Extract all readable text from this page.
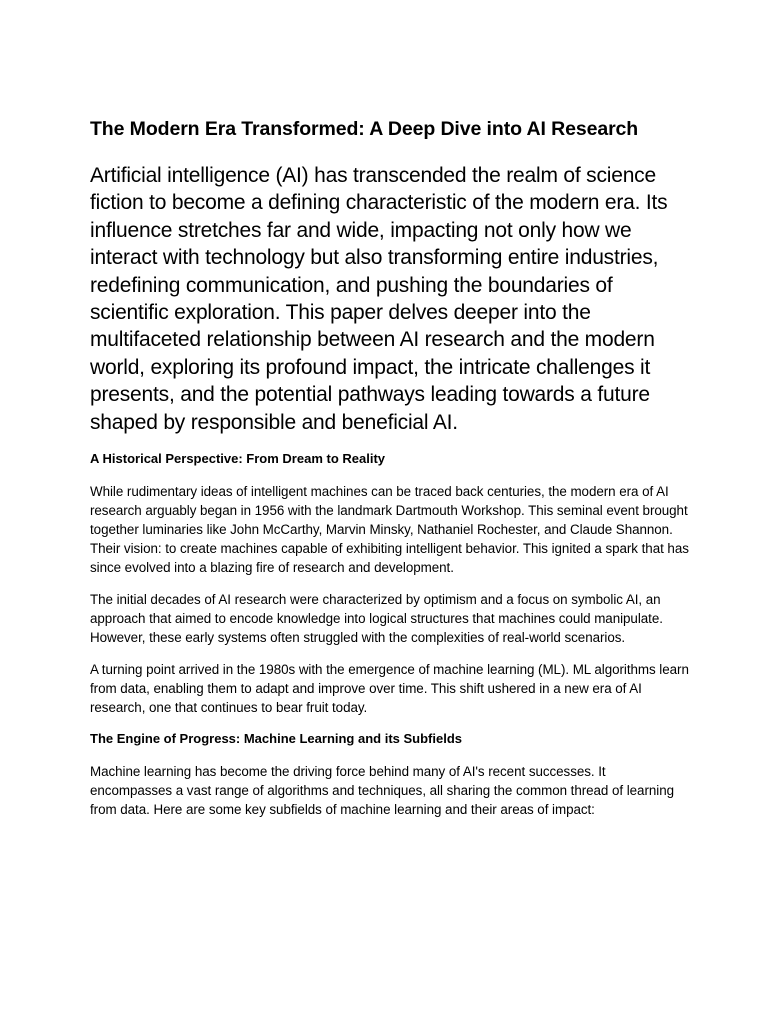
The Modern Era Transformed: A Deep Dive into AI Research

Artificial intelligence (AI) has transcended the realm of science fiction to become a defining characteristic of the modern era. Its influence stretches far and wide, impacting not only how we interact with technology but also transforming entire industries, redefining communication, and pushing the boundaries of scientific exploration. This paper delves deeper into the multifaceted relationship between AI research and the modern world, exploring its profound impact, the intricate challenges it presents, and the potential pathways leading towards a future shaped by responsible and beneficial AI.

A Historical Perspective: From Dream to Reality

While rudimentary ideas of intelligent machines can be traced back centuries, the modern era of AI research arguably began in 1956 with the landmark Dartmouth Workshop. This seminal event brought together luminaries like John McCarthy, Marvin Minsky, Nathaniel Rochester, and Claude Shannon. Their vision: to create machines capable of exhibiting intelligent behavior. This ignited a spark that has since evolved into a blazing fire of research and development.

The initial decades of AI research were characterized by optimism and a focus on symbolic AI, an approach that aimed to encode knowledge into logical structures that machines could manipulate. However, these early systems often struggled with the complexities of real-world scenarios.

A turning point arrived in the 1980s with the emergence of machine learning (ML). ML algorithms learn from data, enabling them to adapt and improve over time. This shift ushered in a new era of AI research, one that continues to bear fruit today.

The Engine of Progress: Machine Learning and its Subfields

Machine learning has become the driving force behind many of AI's recent successes. It encompasses a vast range of algorithms and techniques, all sharing the common thread of learning from data. Here are some key subfields of machine learning and their areas of impact:
